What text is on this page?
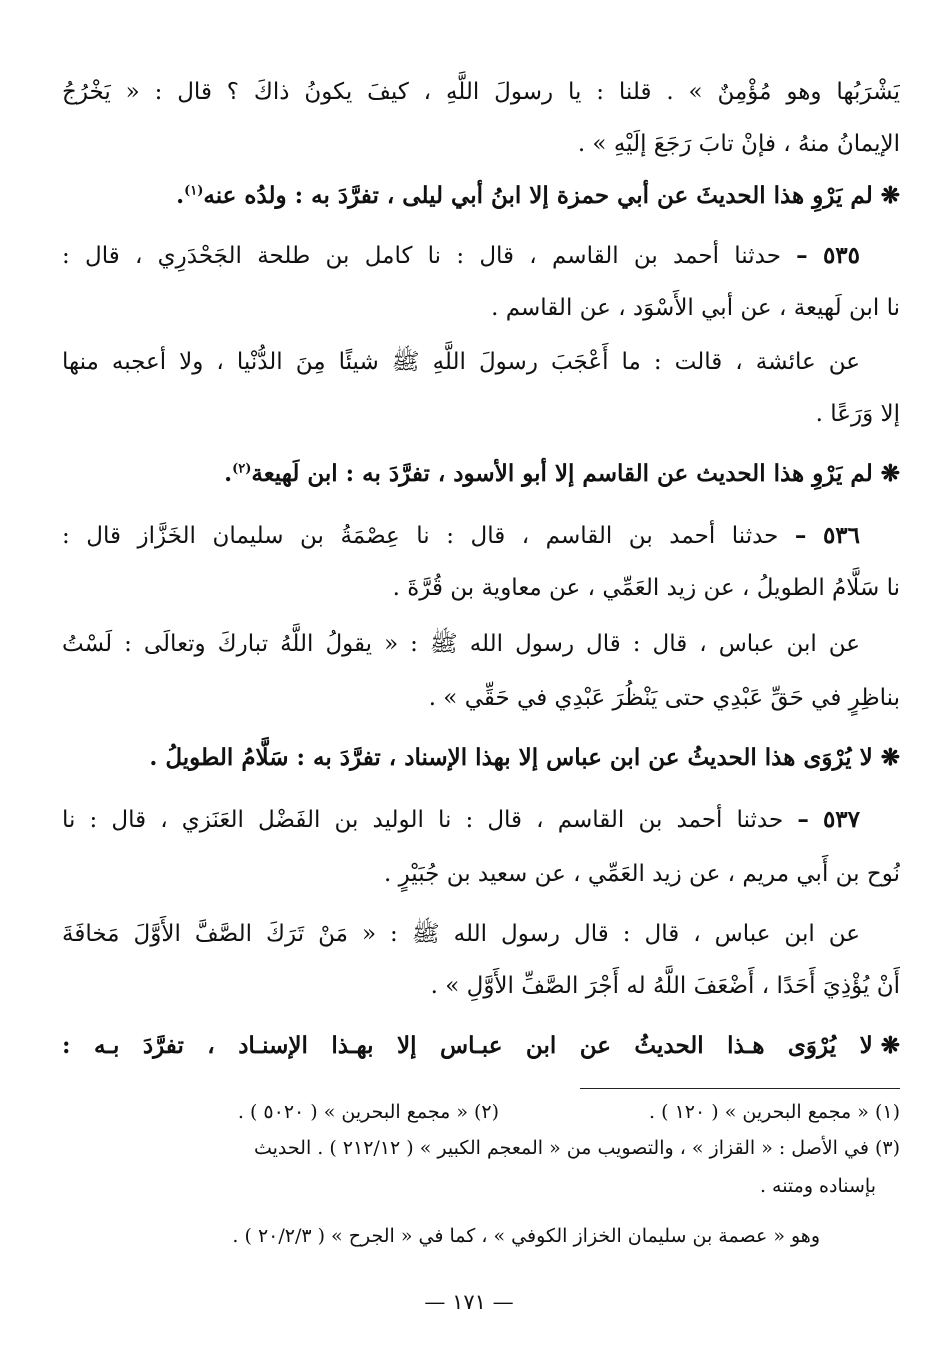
يَشْرَبُها وهو مُؤْمِنٌ » . قلنا : يا رسولَ اللَّهِ ، كيفَ يكونُ ذاكَ ؟ قال : « يَخْرُجُ
الإيمانُ منهُ ، فإنْ تابَ رَجَعَ إلَيْهِ » .
❋لم يَرْوِ هذا الحديثَ عن أبي حمزة إلا ابنُ أبي ليلى ، تفرَّدَ به : ولدُه عنه$^{(١)}$.
٥٣٥ – حدثنا أحمد بن القاسم ، قال : نا كامل بن طلحة الجَحْدَرِي ، قال :
نا ابن لَهيعة ، عن أبي الأَسْوَد ، عن القاسم .
عن عائشة ، قالت : ما أَعْجَبَ رسولَ اللَّهِ ﷺ شيئًا مِنَ الدُّنْيا ، ولا أعجبه منها
إلا وَرَعًا .
❋لم يَرْوِ هذا الحديث عن القاسم إلا أبو الأسود ، تفرَّدَ به : ابن لَهيعة$^{(٢)}$.
٥٣٦ – حدثنا أحمد بن القاسم ، قال : نا عِصْمَةُ بن سليمان الخَزَّاز قال :
نا سَلَّامُ الطويلُ ، عن زيد العَمِّي ، عن معاوية بن قُرَّةَ .
عن ابن عباس ، قال : قال رسول الله ﷺ : « يقولُ اللَّهُ تباركَ وتعالَى : لَسْتُ
بناظِرٍ في حَقِّ عَبْدِي حتى يَنْظُرَ عَبْدِي في حَقِّي » .
❋لا يُرْوَى هذا الحديثُ عن ابن عباس إلا بهذا الإسناد ، تفرَّدَ به : سَلَّامُ الطويلُ .
٥٣٧ – حدثنا أحمد بن القاسم ، قال : نا الوليد بن الفَضْل العَنَزي ، قال : نا
نُوح بن أَبي مريم ، عن زيد العَمِّي ، عن سعيد بن جُبَيْرٍ .
عن ابن عباس ، قال : قال رسول الله ﷺ : « مَنْ تَرَكَ الصَّفَّ الأَوَّلَ مَخافَةَ
أَنْ يُؤْذِيَ أَحَدًا ، أَضْعَفَ اللَّهُ له أَجْرَ الصَّفِّ الأَوَّلِ » .
❋لا يُرْوَى هـذا الحديثُ عن ابن عبـاس إلا بهـذا الإسنـاد ، تفرَّدَ بـه :
(١) « مجمع البحرين » ( ١٢٠ ) .(٢) « مجمع البحرين » ( ٥٠٢٠ ) .
(٣) في الأصل : « القزاز » ، والتصويب من « المعجم الكبير » ( ٢١٢/١٢ ) . الحديث
بإسناده ومتنه .
وهو « عصمة بن سليمان الخزاز الكوفي » ، كما في « الجرح » ( ٢٠/٢/٣ ) .
— ١٧١ —
